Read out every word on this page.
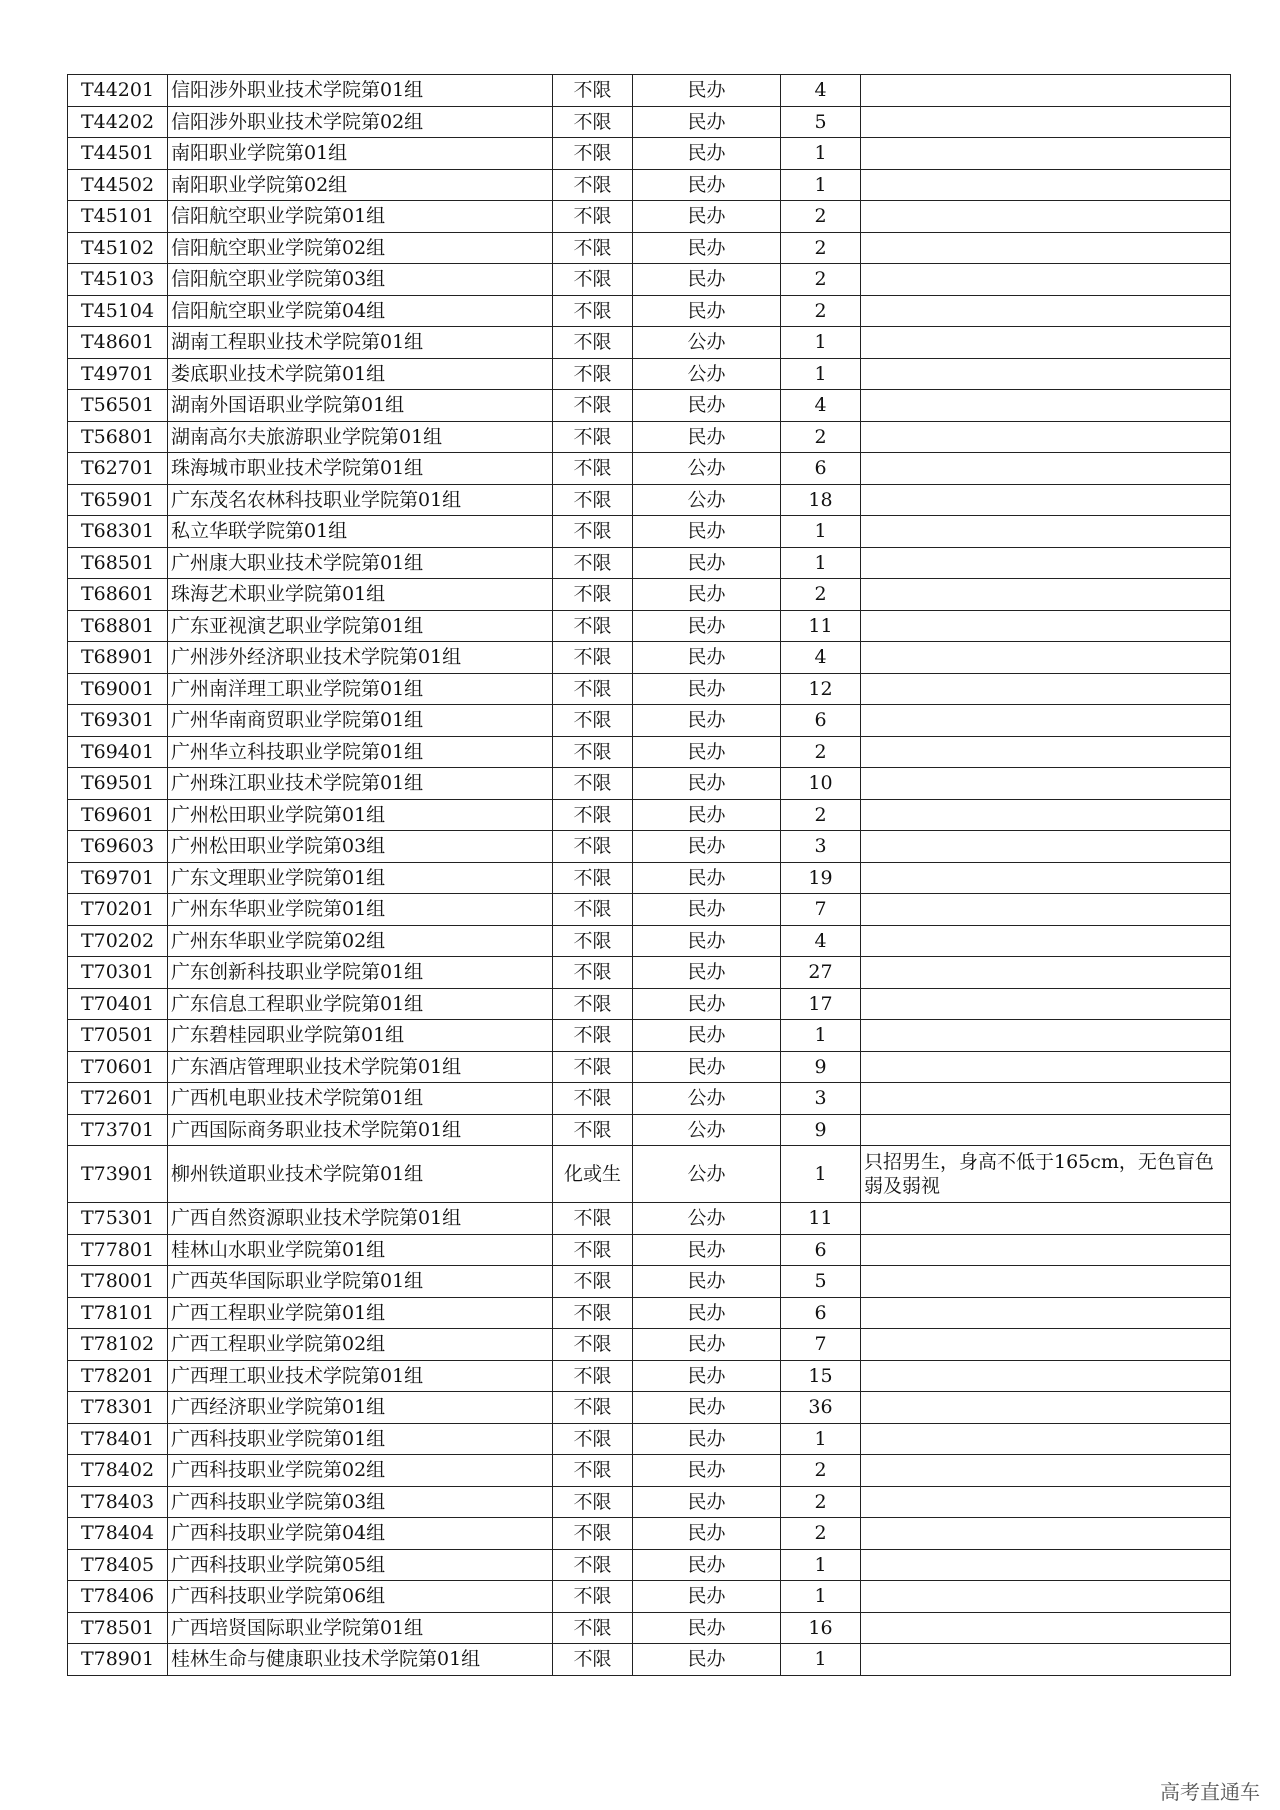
T44201	信阳涉外职业技术学院第01组	不限	民办	4	
T44202	信阳涉外职业技术学院第02组	不限	民办	5	
T44501	南阳职业学院第01组	不限	民办	1	
T44502	南阳职业学院第02组	不限	民办	1	
T45101	信阳航空职业学院第01组	不限	民办	2	
T45102	信阳航空职业学院第02组	不限	民办	2	
T45103	信阳航空职业学院第03组	不限	民办	2	
T45104	信阳航空职业学院第04组	不限	民办	2	
T48601	湖南工程职业技术学院第01组	不限	公办	1	
T49701	娄底职业技术学院第01组	不限	公办	1	
T56501	湖南外国语职业学院第01组	不限	民办	4	
T56801	湖南高尔夫旅游职业学院第01组	不限	民办	2	
T62701	珠海城市职业技术学院第01组	不限	公办	6	
T65901	广东茂名农林科技职业学院第01组	不限	公办	18	
T68301	私立华联学院第01组	不限	民办	1	
T68501	广州康大职业技术学院第01组	不限	民办	1	
T68601	珠海艺术职业学院第01组	不限	民办	2	
T68801	广东亚视演艺职业学院第01组	不限	民办	11	
T68901	广州涉外经济职业技术学院第01组	不限	民办	4	
T69001	广州南洋理工职业学院第01组	不限	民办	12	
T69301	广州华南商贸职业学院第01组	不限	民办	6	
T69401	广州华立科技职业学院第01组	不限	民办	2	
T69501	广州珠江职业技术学院第01组	不限	民办	10	
T69601	广州松田职业学院第01组	不限	民办	2	
T69603	广州松田职业学院第03组	不限	民办	3	
T69701	广东文理职业学院第01组	不限	民办	19	
T70201	广州东华职业学院第01组	不限	民办	7	
T70202	广州东华职业学院第02组	不限	民办	4	
T70301	广东创新科技职业学院第01组	不限	民办	27	
T70401	广东信息工程职业学院第01组	不限	民办	17	
T70501	广东碧桂园职业学院第01组	不限	民办	1	
T70601	广东酒店管理职业技术学院第01组	不限	民办	9	
T72601	广西机电职业技术学院第01组	不限	公办	3	
T73701	广西国际商务职业技术学院第01组	不限	公办	9	
T73901	柳州铁道职业技术学院第01组	化或生	公办	1	只招男生，身高不低于165cm，无色盲色弱及弱视
T75301	广西自然资源职业技术学院第01组	不限	公办	11	
T77801	桂林山水职业学院第01组	不限	民办	6	
T78001	广西英华国际职业学院第01组	不限	民办	5	
T78101	广西工程职业学院第01组	不限	民办	6	
T78102	广西工程职业学院第02组	不限	民办	7	
T78201	广西理工职业技术学院第01组	不限	民办	15	
T78301	广西经济职业学院第01组	不限	民办	36	
T78401	广西科技职业学院第01组	不限	民办	1	
T78402	广西科技职业学院第02组	不限	民办	2	
T78403	广西科技职业学院第03组	不限	民办	2	
T78404	广西科技职业学院第04组	不限	民办	2	
T78405	广西科技职业学院第05组	不限	民办	1	
T78406	广西科技职业学院第06组	不限	民办	1	
T78501	广西培贤国际职业学院第01组	不限	民办	16	
T78901	桂林生命与健康职业技术学院第01组	不限	民办	1	
高考直通车
